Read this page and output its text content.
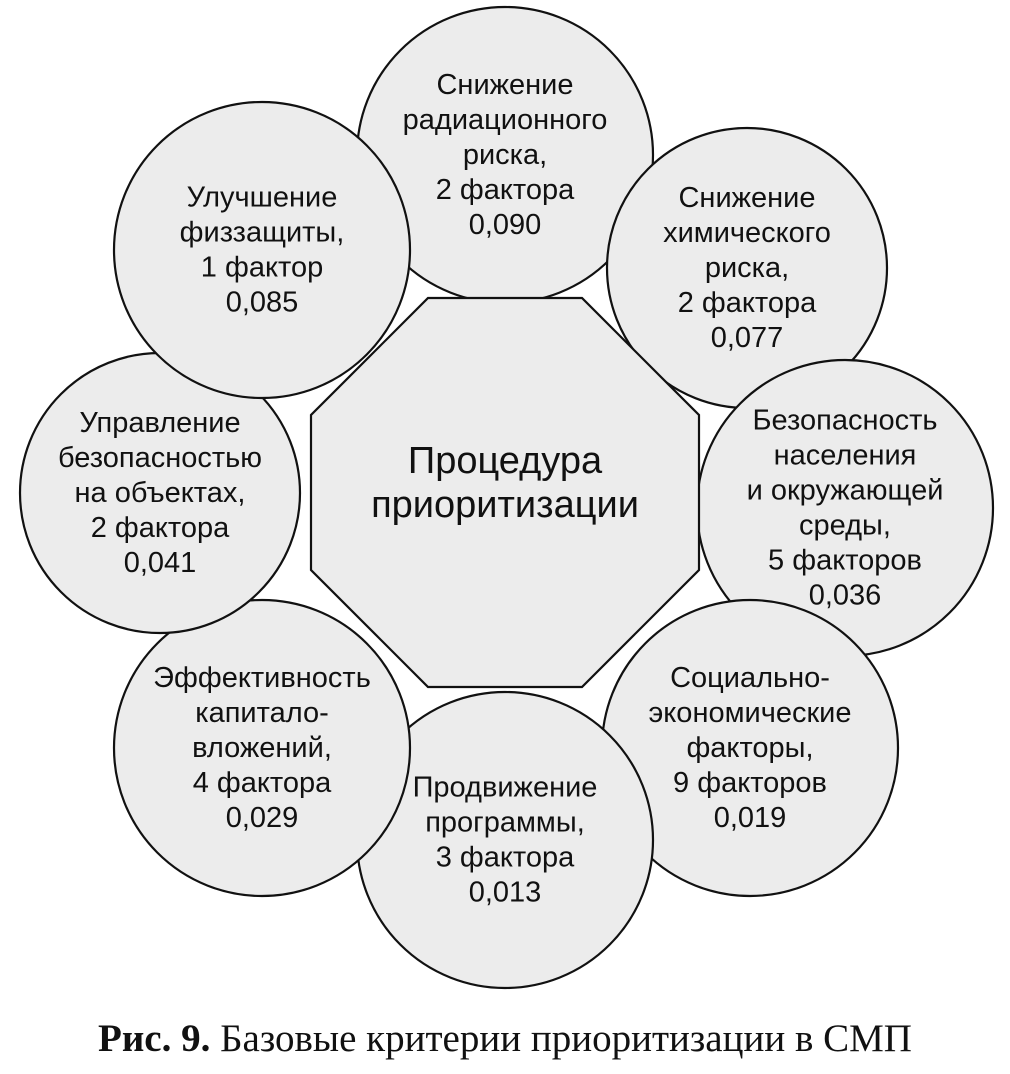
Снижение радиационного риска, 2 фактора 0,090
Снижение химического риска, 2 фактора 0,077
Безопасность населения и окружающей среды, 5 факторов 0,036
Социально-экономические факторы, 9 факторов 0,019
Продвижение программы, 3 фактора 0,013
Эффективность капитало-вложений, 4 фактора 0,029
Управление безопасностью на объектах, 2 фактора 0,041
Улучшение физзащиты, 1 фактор 0,085
Процедура приоритизации
Рис. 9. Базовые критерии приоритизации в СМП
